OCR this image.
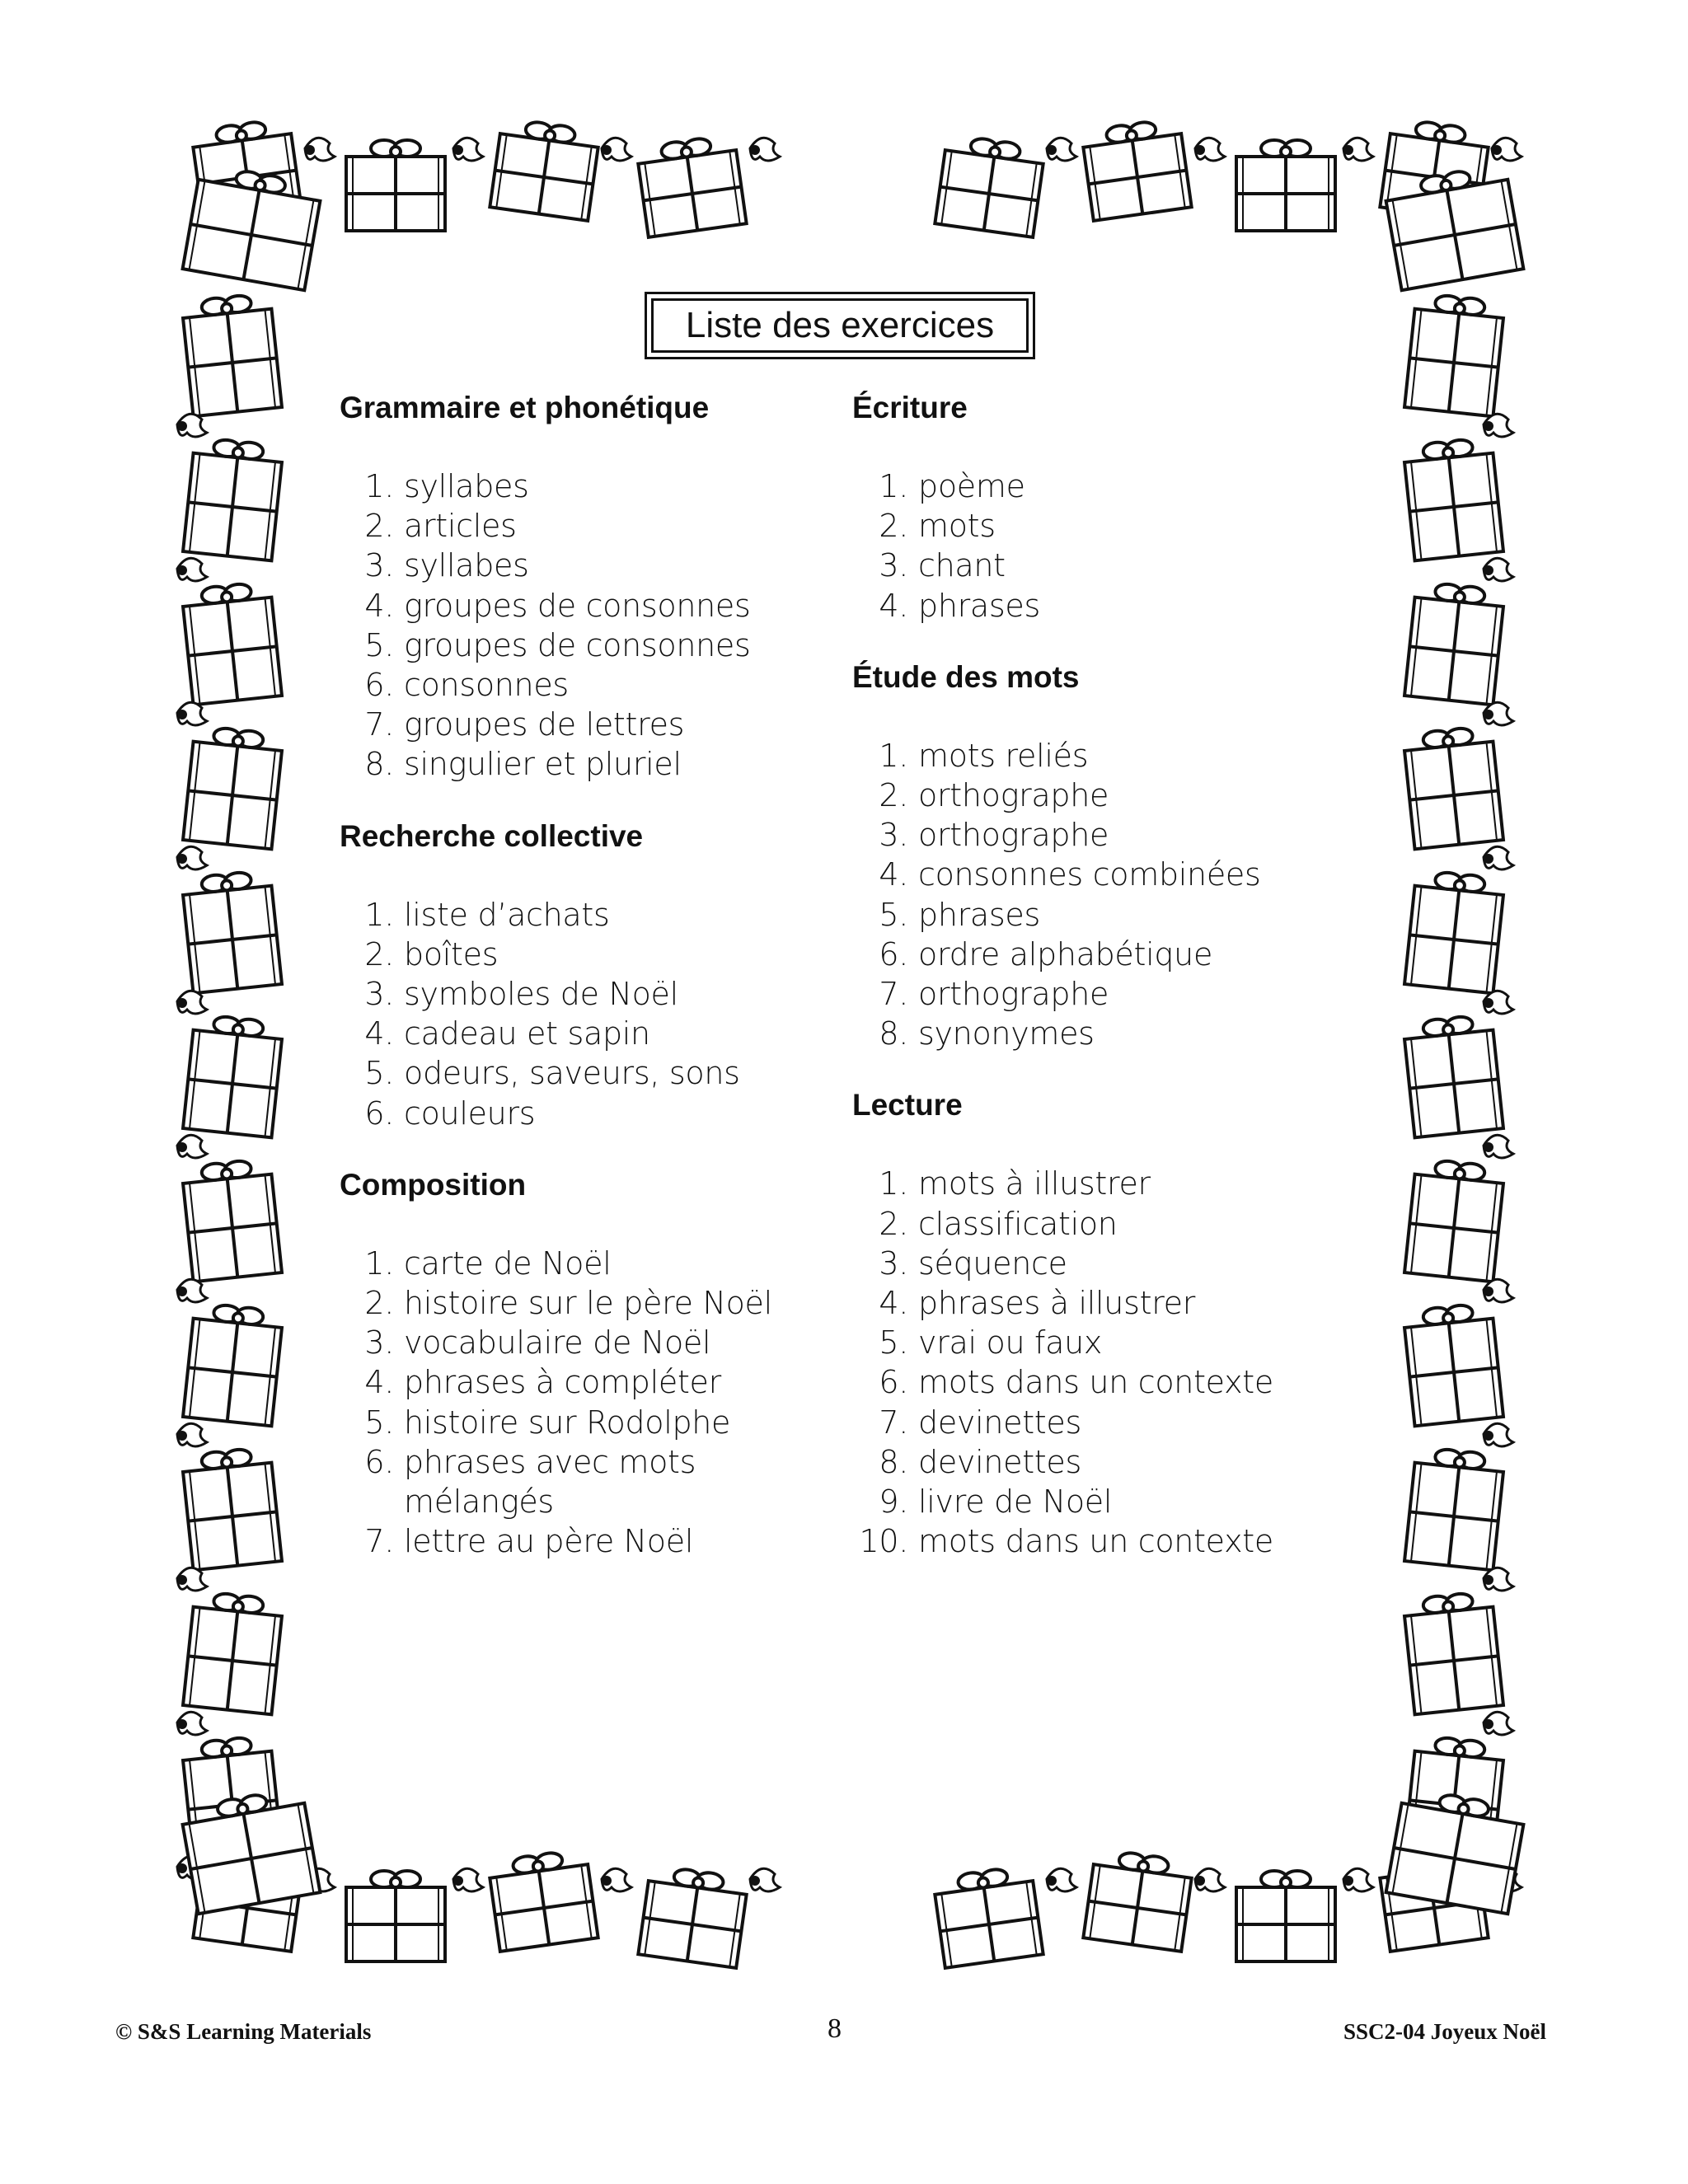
Liste des exercices
Grammaire et phonétique
1. syllabes
2. articles
3. syllabes
4. groupes de consonnes
5. groupes de consonnes
6. consonnes
7. groupes de lettres
8. singulier et pluriel
Recherche collective
1. liste d’achats
2. boîtes
3. symboles de Noël
4. cadeau et sapin
5. odeurs, saveurs, sons
6. couleurs
Composition
1. carte de Noël
2. histoire sur le père Noël
3. vocabulaire de Noël
4. phrases à compléter
5. histoire sur Rodolphe
6. phrases avec mots mélangés
7. lettre au père Noël
Écriture
1. poème
2. mots
3. chant
4. phrases
Étude des mots
1. mots reliés
2. orthographe
3. orthographe
4. consonnes combinées
5. phrases
6. ordre alphabétique
7. orthographe
8. synonymes
Lecture
1. mots à illustrer
2. classification
3. séquence
4. phrases à illustrer
5. vrai ou faux
6. mots dans un contexte
7. devinettes
8. devinettes
9. livre de Noël
10. mots dans un contexte
© S&S Learning Materials	8	SSC2-04 Joyeux Noël
